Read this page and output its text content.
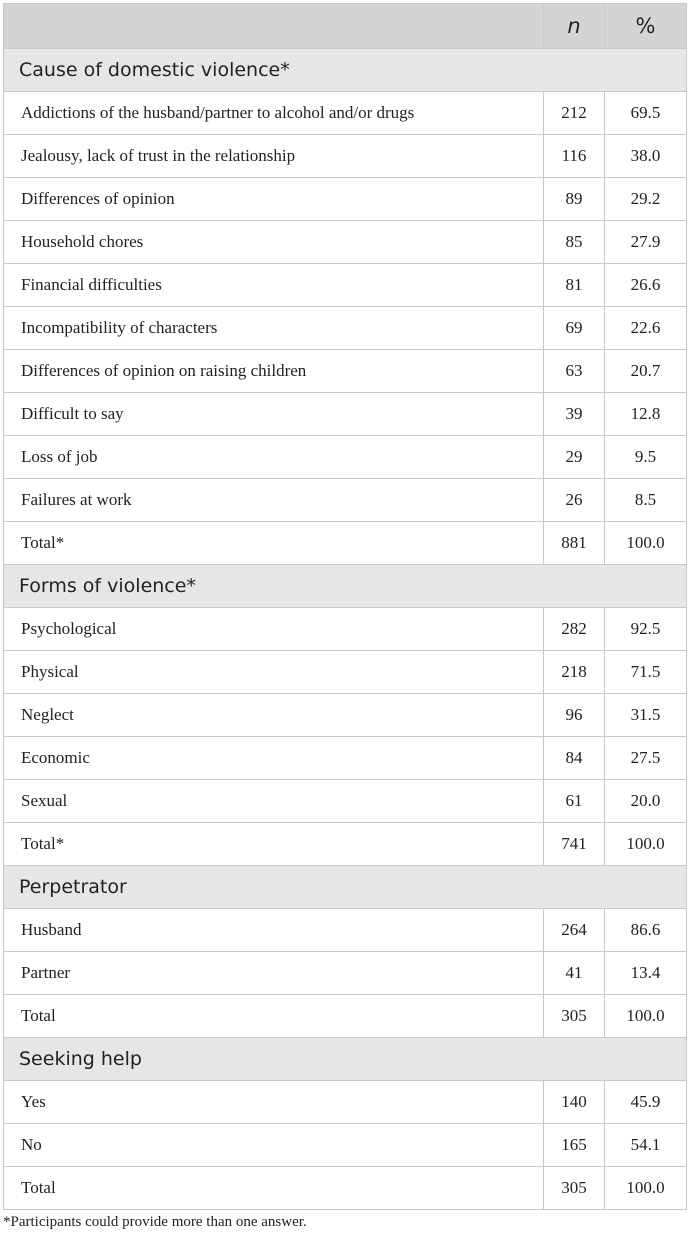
	n	%
Cause of domestic violence*		
Addictions of the husband/partner to alcohol and/or drugs	212	69.5
Jealousy, lack of trust in the relationship	116	38.0
Differences of opinion	89	29.2
Household chores	85	27.9
Financial difficulties	81	26.6
Incompatibility of characters	69	22.6
Differences of opinion on raising children	63	20.7
Difficult to say	39	12.8
Loss of job	29	9.5
Failures at work	26	8.5
Total*	881	100.0
Forms of violence*		
Psychological	282	92.5
Physical	218	71.5
Neglect	96	31.5
Economic	84	27.5
Sexual	61	20.0
Total*	741	100.0
Perpetrator		
Husband	264	86.6
Partner	41	13.4
Total	305	100.0
Seeking help		
Yes	140	45.9
No	165	54.1
Total	305	100.0
*Participants could provide more than one answer.
